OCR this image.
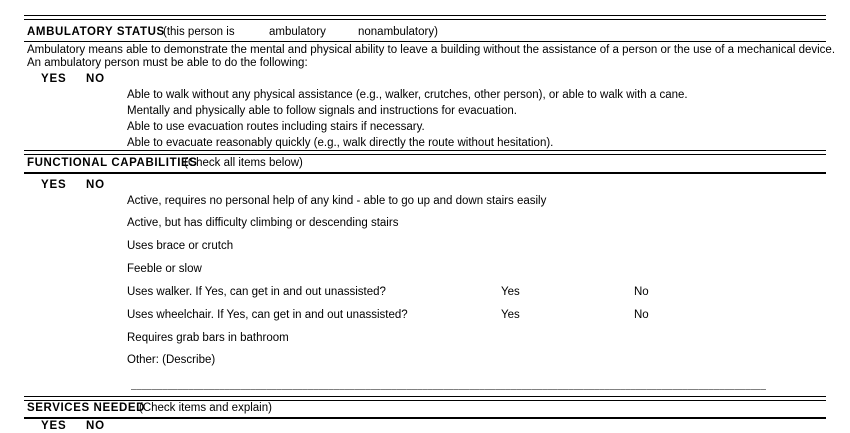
AMBULATORY STATUS
(this person is	ambulatory	nonambulatory)
Ambulatory means able to demonstrate the mental and physical ability to leave a building without the assistance of a person or the use of a mechanical device.
An ambulatory person must be able to do the following:
YES NO
Able to walk without any physical assistance (e.g., walker, crutches, other person), or able to walk with a cane.
Mentally and physically able to follow signals and instructions for evacuation.
Able to use evacuation routes including stairs if necessary.
Able to evacuate reasonably quickly (e.g., walk directly the route without hesitation).
FUNCTIONAL CAPABILITIES
(Check all items below)
YES NO
Active, requires no personal help of any kind - able to go up and down stairs easily
Active, but has difficulty climbing or descending stairs
Uses brace or crutch
Feeble or slow
Uses walker. If Yes, can get in and out unassisted?	Yes	No
Uses wheelchair. If Yes, can get in and out unassisted?	Yes	No
Requires grab bars in bathroom
Other: (Describe)
__________________________________________________________________________________________________________________________
SERVICES NEEDED
(Check items and explain)
YES NO
